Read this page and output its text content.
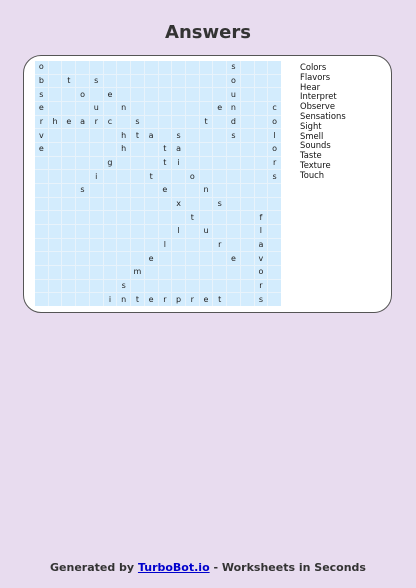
Answers
o	s
b	t	s	o
s	o	e	u
e	u	n	e	n	c
r	h	e	a	r	c	s	t	d	o
v	h	t	a	s	s	l
e	h	t	a	o
g	t	i	r
i	t	o	s
s	e	n
x	s
t	f
l	u	l
l	r	a
e	e	v
m	o
s	r
i	n	t	e	r	p	r	e	t	s
Colors
Flavors
Hear
Interpret
Observe
Sensations
Sight
Smell
Sounds
Taste
Texture
Touch
Generated by TurboBot.io - Worksheets in Seconds
